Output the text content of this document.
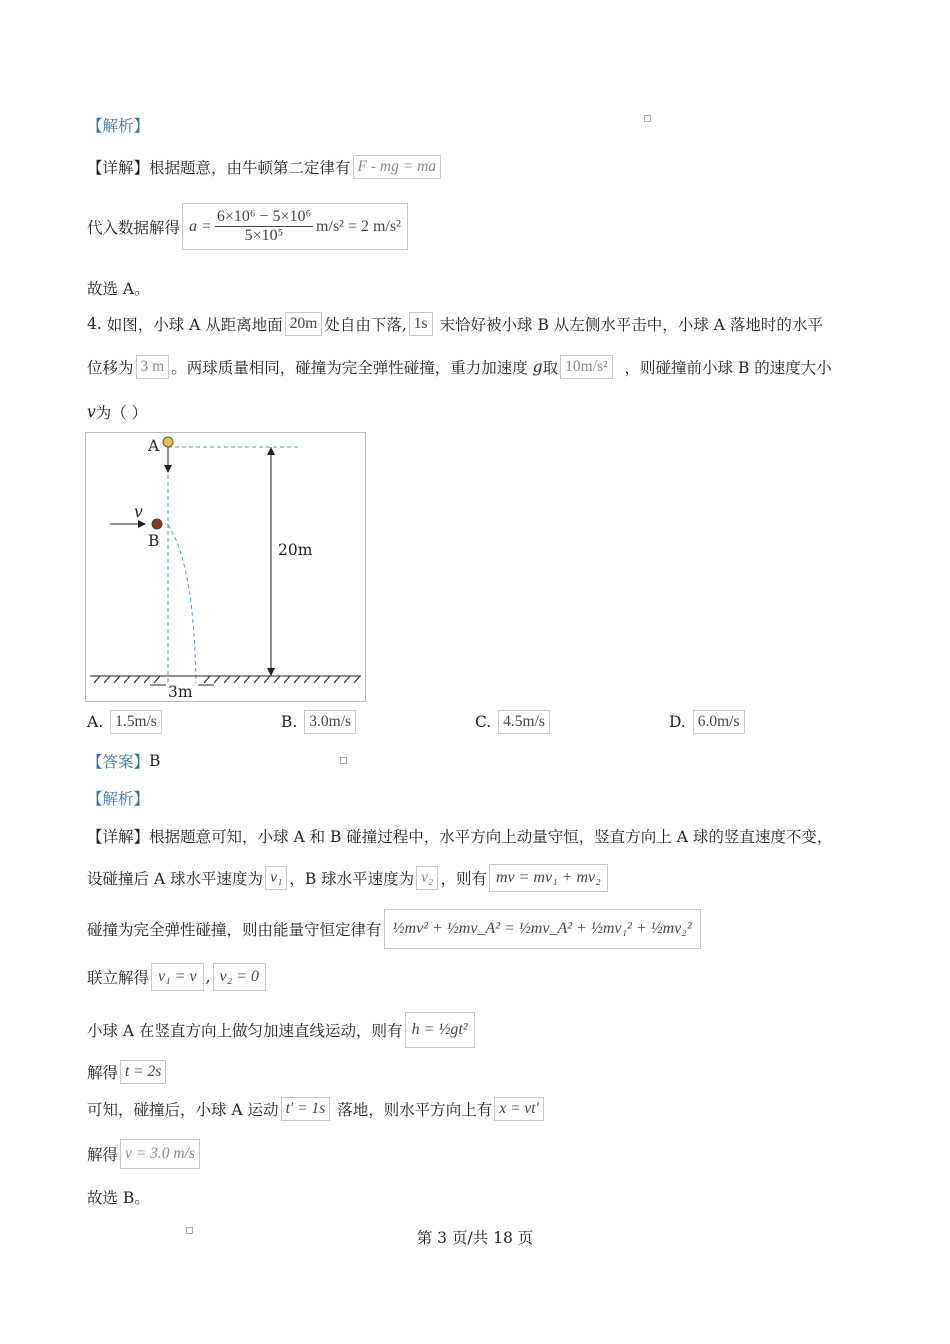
【解析】
【详解】 根据题意，由牛顿第二定律有 F - mg = ma
代入数据解得 $a = \frac{\text{6×10⁶ − 5×10⁶}}{\text{5×10⁵}} m/s^2 = 2$ m/s²
故选 A。
4.
如图，小球 A 从距离地面 20m 处自由下落, 1s
末恰好被小球 B 从左侧水平击中，小球 A 落地时的水平
位移为 3 m 。两球质量相同，碰撞为完全弹性碰撞，重力加速度
g 取 10m/s²
	，则碰撞前小球 B 的速度大小
v 为（ ）
A
v
B	20m
3m
A.
1.5m/s	B.
3.0m/s	C.
4.5m/s	D.
6.0m/s
【答案】 B
【解析】
【详解】 根据题意可知，小球 A 和 B 碰撞过程中，水平方向上动量守恒，竖直方向上 A 球的竖直速度不变，
设碰撞后 A 球水平速度为 v₁ ，B 球水平速度为 v₂ ，则有 mv = mv₁ + mv₂
碰撞为完全弹性碰撞，则由能量守恒定律有 ½mv² + ½mv_A² = ½mv_A² + ½mv₁² + ½mv₂²
联立解得 v₁ = v , v₂ = 0
小球 A 在竖直方向上做匀加速直线运动，则有 h = ½gt²
解得 t = 2s
可知，碰撞后，小球 A 运动 t′ = 1s
落地，则水平方向上有 x = vt′
解得 v = 3.0 m/s
故选 B。
第 3 页/共 18 页
